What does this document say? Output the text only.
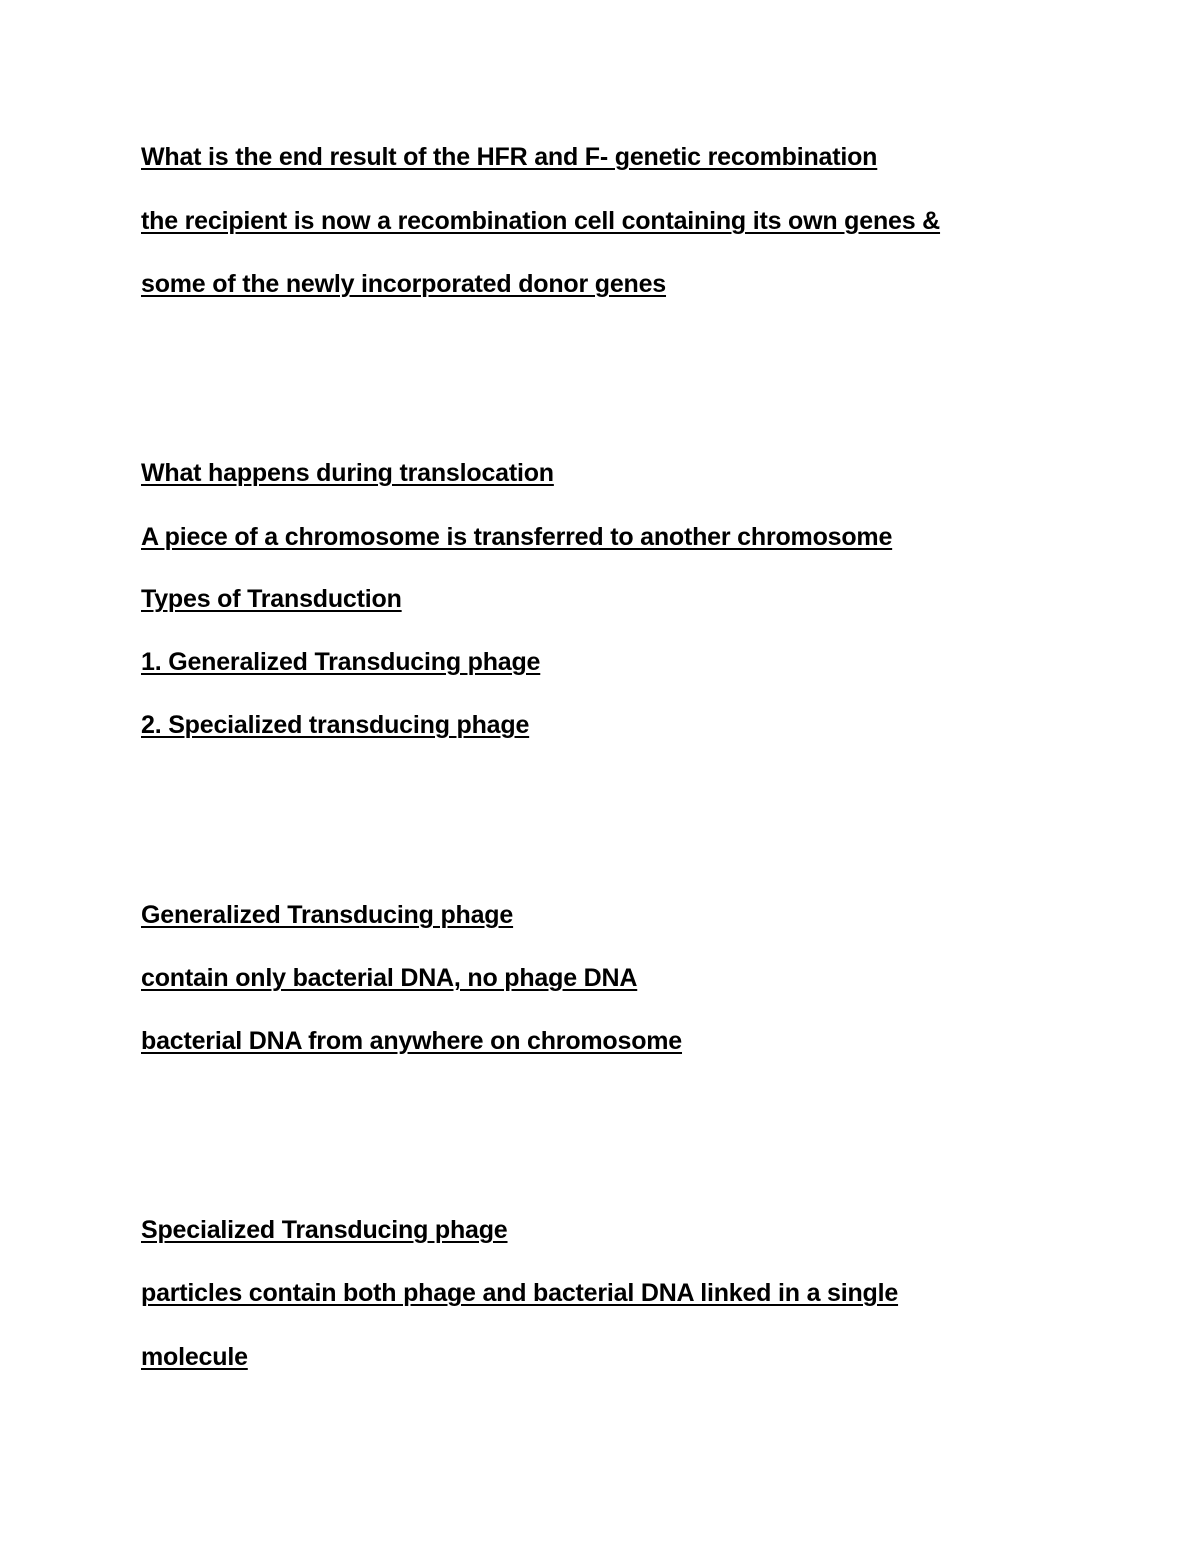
What is the end result of the HFR and F- genetic recombination

the recipient is now a recombination cell containing its own genes &

some of the newly incorporated donor genes

What happens during translocation

A piece of a chromosome is transferred to another chromosome

Types of Transduction

1. Generalized Transducing phage

2. Specialized transducing phage

Generalized Transducing phage

contain only bacterial DNA, no phage DNA

bacterial DNA from anywhere on chromosome

Specialized Transducing phage

particles contain both phage and bacterial DNA linked in a single

molecule
